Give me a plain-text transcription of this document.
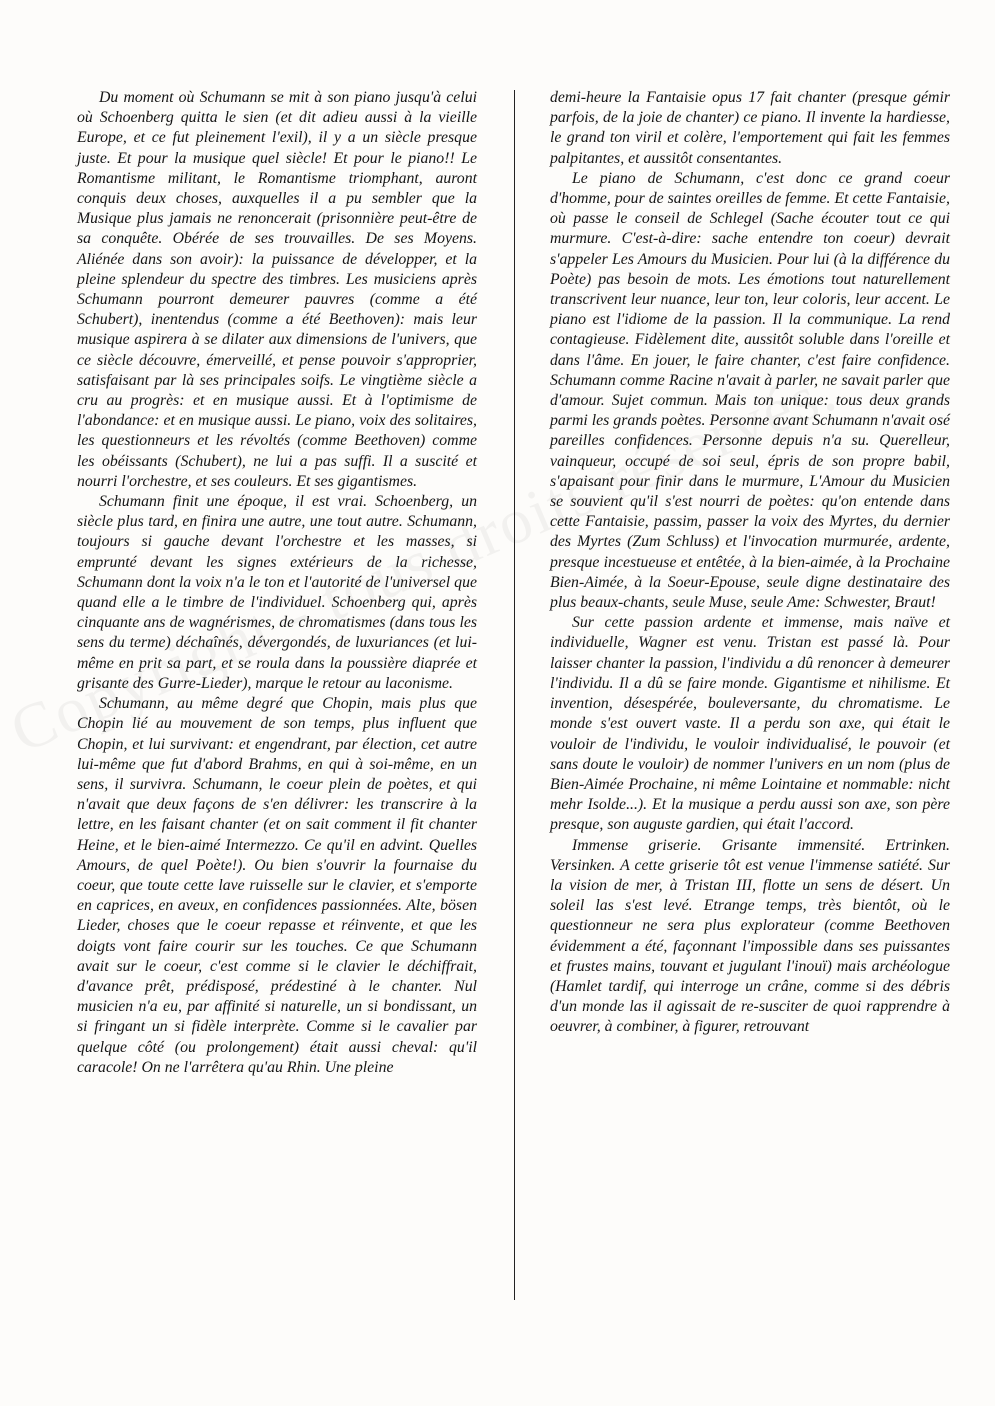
Du moment où Schumann se mit à son piano jusqu'à celui où Schoenberg quitta le sien (et dit adieu aussi à la vieille Europe, et ce fut pleinement l'exil), il y a un siècle presque juste. Et pour la musique quel siècle! Et pour le piano!! Le Romantisme militant, le Romantisme triomphant, auront conquis deux choses, auxquelles il a pu sembler que la Musique plus jamais ne renoncerait (prisonnière peut-être de sa conquête. Obérée de ses trouvailles. De ses Moyens. Aliénée dans son avoir): la puissance de développer, et la pleine splendeur du spectre des timbres. Les musiciens après Schumann pourront demeurer pauvres (comme a été Schubert), inentendus (comme a été Beethoven): mais leur musique aspirera à se dilater aux dimensions de l'univers, que ce siècle découvre, émerveillé, et pense pouvoir s'approprier, satisfaisant par là ses principales soifs. Le vingtième siècle a cru au progrès: et en musique aussi. Et à l'optimisme de l'abondance: et en musique aussi. Le piano, voix des solitaires, les questionneurs et les révoltés (comme Beethoven) comme les obéissants (Schubert), ne lui a pas suffi. Il a suscité et nourri l'orchestre, et ses couleurs. Et ses gigantismes.

Schumann finit une époque, il est vrai. Schoenberg, un siècle plus tard, en finira une autre, une tout autre. Schumann, toujours si gauche devant l'orchestre et les masses, si emprunté devant les signes extérieurs de la richesse, Schumann dont la voix n'a le ton et l'autorité de l'universel que quand elle a le timbre de l'individuel. Schoenberg qui, après cinquante ans de wagnérismes, de chromatismes (dans tous les sens du terme) déchaînés, dévergondés, de luxuriances (et lui-même en prit sa part, et se roula dans la poussière diaprée et grisante des Gurre-Lieder), marque le retour au laconisme.

Schumann, au même degré que Chopin, mais plus que Chopin lié au mouvement de son temps, plus influent que Chopin, et lui survivant: et engendrant, par élection, cet autre lui-même que fut d'abord Brahms, en qui à soi-même, en un sens, il survivra. Schumann, le coeur plein de poètes, et qui n'avait que deux façons de s'en délivrer: les transcrire à la lettre, en les faisant chanter (et on sait comment il fit chanter Heine, et le bien-aimé Intermezzo. Ce qu'il en advint. Quelles Amours, de quel Poète!). Ou bien s'ouvrir la fournaise du coeur, que toute cette lave ruisselle sur le clavier, et s'emporte en caprices, en aveux, en confidences passionnées. Alte, bösen Lieder, choses que le coeur repasse et réinvente, et que les doigts vont faire courir sur les touches. Ce que Schumann avait sur le coeur, c'est comme si le clavier le déchiffrait, d'avance prêt, prédisposé, prédestiné à le chanter. Nul musicien n'a eu, par affinité si naturelle, un si bondissant, un si fringant un si fidèle interprète. Comme si le cavalier par quelque côté (ou prolongement) était aussi cheval: qu'il caracole! On ne l'arrêtera qu'au Rhin. Une pleine

demi-heure la Fantaisie opus 17 fait chanter (presque gémir parfois, de la joie de chanter) ce piano. Il invente la hardiesse, le grand ton viril et colère, l'emportement qui fait les femmes palpitantes, et aussitôt consentantes.

Le piano de Schumann, c'est donc ce grand coeur d'homme, pour de saintes oreilles de femme. Et cette Fantaisie, où passe le conseil de Schlegel (Sache écouter tout ce qui murmure. C'est-à-dire: sache entendre ton coeur) devrait s'appeler Les Amours du Musicien. Pour lui (à la différence du Poète) pas besoin de mots. Les émotions tout naturellement transcrivent leur nuance, leur ton, leur coloris, leur accent. Le piano est l'idiome de la passion. Il la communique. La rend contagieuse. Fidèlement dite, aussitôt soluble dans l'oreille et dans l'âme. En jouer, le faire chanter, c'est faire confidence. Schumann comme Racine n'avait à parler, ne savait parler que d'amour. Sujet commun. Mais ton unique: tous deux grands parmi les grands poètes. Personne avant Schumann n'avait osé pareilles confidences. Personne depuis n'a su. Querelleur, vainqueur, occupé de soi seul, épris de son propre babil, s'apaisant pour finir dans le murmure, L'Amour du Musicien se souvient qu'il s'est nourri de poètes: qu'on entende dans cette Fantaisie, passim, passer la voix des Myrtes, du dernier des Myrtes (Zum Schluss) et l'invocation murmurée, ardente, presque incestueuse et entêtée, à la bien-aimée, à la Prochaine Bien-Aimée, à la Soeur-Epouse, seule digne destinataire des plus beaux-chants, seule Muse, seule Ame: Schwester, Braut!

Sur cette passion ardente et immense, mais naïve et individuelle, Wagner est venu. Tristan est passé là. Pour laisser chanter la passion, l'individu a dû renoncer à demeurer l'individu. Il a dû se faire monde. Gigantisme et nihilisme. Et invention, désespérée, bouleversante, du chromatisme. Le monde s'est ouvert vaste. Il a perdu son axe, qui était le vouloir de l'individu, le vouloir individualisé, le pouvoir (et sans doute le vouloir) de nommer l'univers en un nom (plus de Bien-Aimée Prochaine, ni même Lointaine et nommable: nicht mehr Isolde...). Et la musique a perdu aussi son axe, son père presque, son auguste gardien, qui était l'accord.

Immense griserie. Grisante immensité. Ertrinken. Versinken. A cette griserie tôt est venue l'immense satiété. Sur la vision de mer, à Tristan III, flotte un sens de désert. Un soleil las s'est levé. Etrange temps, très bientôt, où le questionneur ne sera plus explorateur (comme Beethoven évidemment a été, façonnant l'impossible dans ses puissantes et frustes mains, touvant et jugulant l'inouï) mais archéologue (Hamlet tardif, qui interroge un crâne, comme si des débris d'un monde las il agissait de re-susciter de quoi rapprendre à oeuvrer, à combiner, à figurer, retrouvant
